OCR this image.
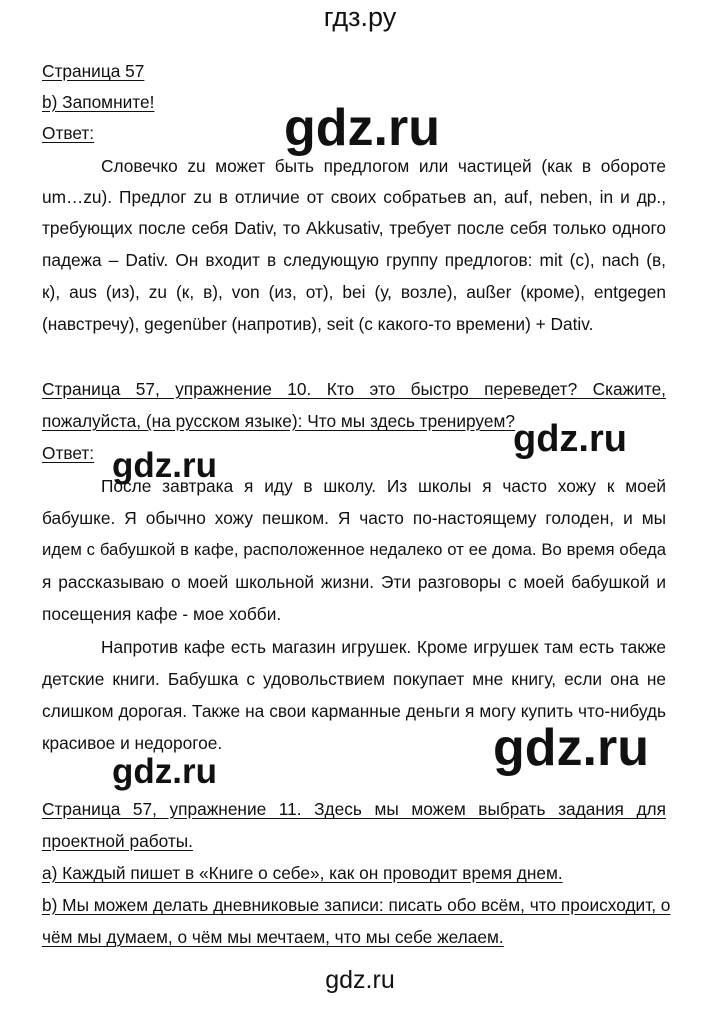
гдз.ру
Страница 57
b) Запомните!
Ответ:
Словечко zu может быть предлогом или частицей (как в обороте
um…zu). Предлог zu в отличие от своих собратьев an, auf, neben, in и др.,
требующих после себя Dativ, то Akkusativ, требует после себя только одного
падежа – Dativ. Он входит в следующую группу предлогов: mit (с), nach (в,
к), aus (из), zu (к, в), von (из, от), bei (у, возле), außer (кроме), entgegen
(навстречу), gegenüber (напротив), seit (с какого-то времени) + Dativ.
Страница 57, упражнение 10. Кто это быстро переведет? Скажите,
пожалуйста, (на русском языке): Что мы здесь тренируем?
Ответ:
После завтрака я иду в школу. Из школы я часто хожу к моей
бабушке. Я обычно хожу пешком. Я часто по-настоящему голоден, и мы
идем с бабушкой в кафе, расположенное недалеко от ее дома. Во время обеда
я рассказываю о моей школьной жизни. Эти разговоры с моей бабушкой и
посещения кафе - мое хобби.
Напротив кафе есть магазин игрушек. Кроме игрушек там есть также
детские книги. Бабушка с удовольствием покупает мне книгу, если она не
слишком дорогая. Также на свои карманные деньги я могу купить что-нибудь
красивое и недорогое.
Страница 57, упражнение 11. Здесь мы можем выбрать задания для
проектной работы.
a) Каждый пишет в «Книге о себе», как он проводит время днем.
b) Мы можем делать дневниковые записи: писать обо всём, что происходит, о
чём мы думаем, о чём мы мечтаем, что мы себе желаем.
gdz.ru
gdz.ru
gdz.ru
gdz.ru
gdz.ru
gdz.ru
